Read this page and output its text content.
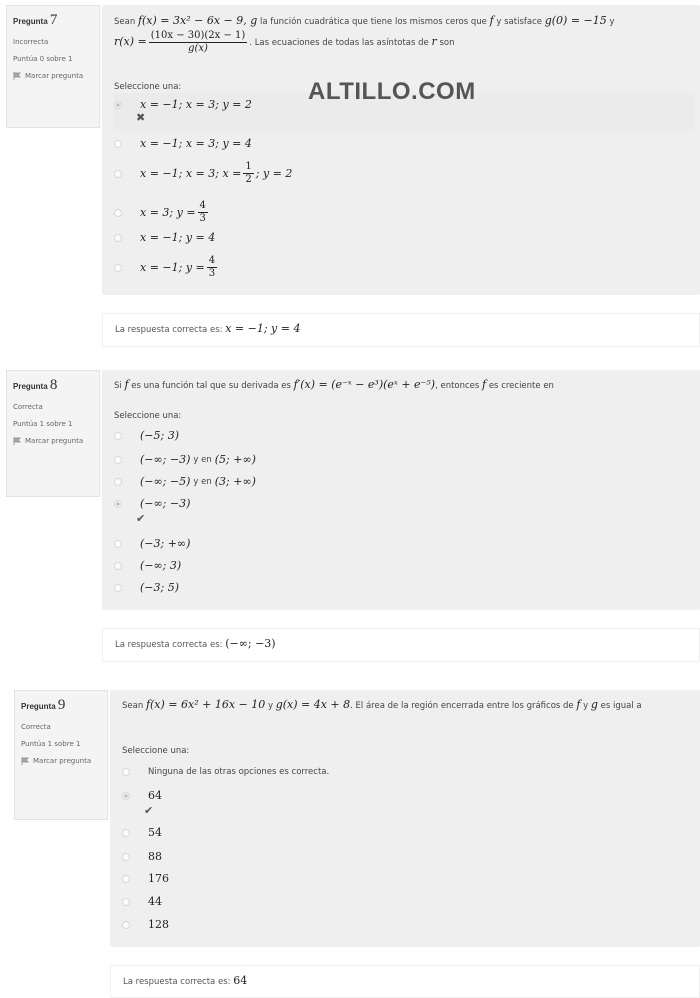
ALTILLO.COM
Pregunta 7
Incorrecta
Puntúa 0 sobre 1
Marcar pregunta
Sean f(x) = 3x² − 6x − 9, g la función cuadrática que tiene los mismos ceros que f y satisface g(0) = −15 y
$r(x) = \frac{(10x - 30)(2x - 1)}{g(x)}$ . Las ecuaciones de todas las asíntotas de r son
Seleccione una:
x = −1; x = 3; y = 2
✖
x = −1; x = 3; y = 4
x = −1; x = 3; $x = \frac{1}{2}$ ; y = 2
x = 3; $y = \frac{4}{3}$
x = −1; y = 4
x = −1; $y = \frac{4}{3}$
La respuesta correcta es: x = −1; y = 4
Pregunta 8
Correcta
Puntúa 1 sobre 1
Marcar pregunta
Si f es una función tal que su derivada es f′(x) = (e⁻ˣ − e³)(eˣ + e⁻⁵), entonces f es creciente en
Seleccione una:
(−5; 3)
(−∞; −3) y en (5; +∞)
(−∞; −5) y en (3; +∞)
(−∞; −3)
✔
(−3; +∞)
(−∞; 3)
(−3; 5)
La respuesta correcta es: (−∞; −3)
Pregunta 9
Correcta
Puntúa 1 sobre 1
Marcar pregunta
Sean f(x) = 6x² + 16x − 10 y g(x) = 4x + 8. El área de la región encerrada entre los gráficos de f y g es igual a
Seleccione una:
Ninguna de las otras opciones es correcta.
64
✔
54
88
176
44
128
La respuesta correcta es: 64
